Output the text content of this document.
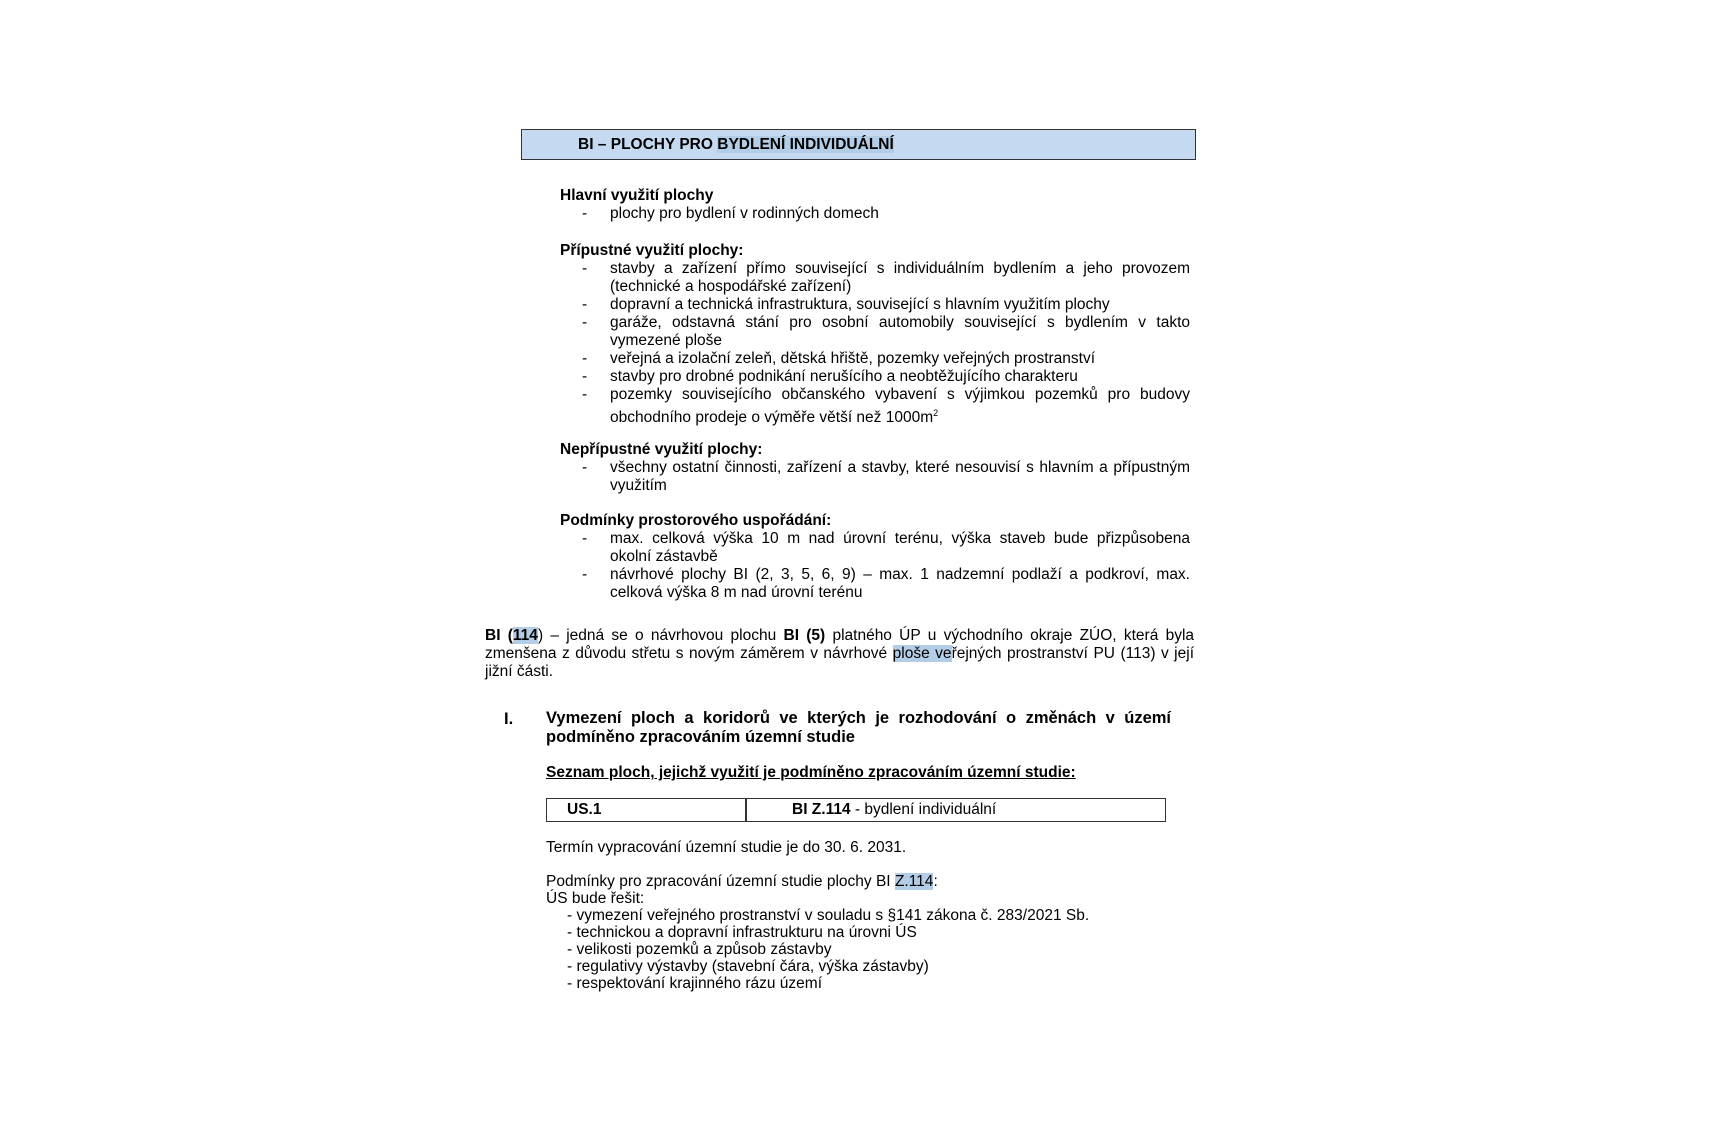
BI – PLOCHY PRO BYDLENÍ INDIVIDUÁLNÍ
Hlavní využití plochy
-	plochy pro bydlení v rodinných domech
Přípustné využití plochy:
-	stavby a zařízení přímo související s individuálním bydlením a jeho provozem
(technické a hospodářské zařízení)
-	dopravní a technická infrastruktura, související s hlavním využitím plochy
-	garáže, odstavná stání pro osobní automobily související s bydlením v takto
vymezené ploše
-	veřejná a izolační zeleň, dětská hřiště, pozemky veřejných prostranství
-	stavby pro drobné podnikání nerušícího a neobtěžujícího charakteru
-	pozemky souvisejícího občanského vybavení s výjimkou pozemků pro budovy
obchodního prodeje o výměře větší než $1000m^2$
Nepřípustné využití plochy:
-	všechny ostatní činnosti, zařízení a stavby, které nesouvisí s hlavním a přípustným
využitím
Podmínky prostorového uspořádání:
-	max. celková výška 10 m nad úrovní terénu, výška staveb bude přizpůsobena
okolní zástavbě
-	návrhové plochy BI (2, 3, 5, 6, 9) – max. 1 nadzemní podlaží a podkroví, max.
celková výška 8 m nad úrovní terénu
BI (114) – jedná se o návrhovou plochu BI (5) platného ÚP u východního okraje ZÚO, která byla zmenšena z důvodu střetu s novým záměrem v návrhové ploše veřejných prostranství PU (113) v její jižní části.
I. Vymezení ploch a koridorů ve kterých je rozhodování o změnách v území podmíněno zpracováním územní studie
Seznam ploch, jejichž využití je podmíněno zpracováním územní studie:
US.1	BI Z.114 - bydlení individuální
Termín vypracování územní studie je do 30. 6. 2031.
Podmínky pro zpracování územní studie plochy BI Z.114:
ÚS bude řešit:
- vymezení veřejného prostranství v souladu s §141 zákona č. 283/2021 Sb.
- technickou a dopravní infrastrukturu na úrovni ÚS
- velikosti pozemků a způsob zástavby
- regulativy výstavby (stavební čára, výška zástavby)
- respektování krajinného rázu území
